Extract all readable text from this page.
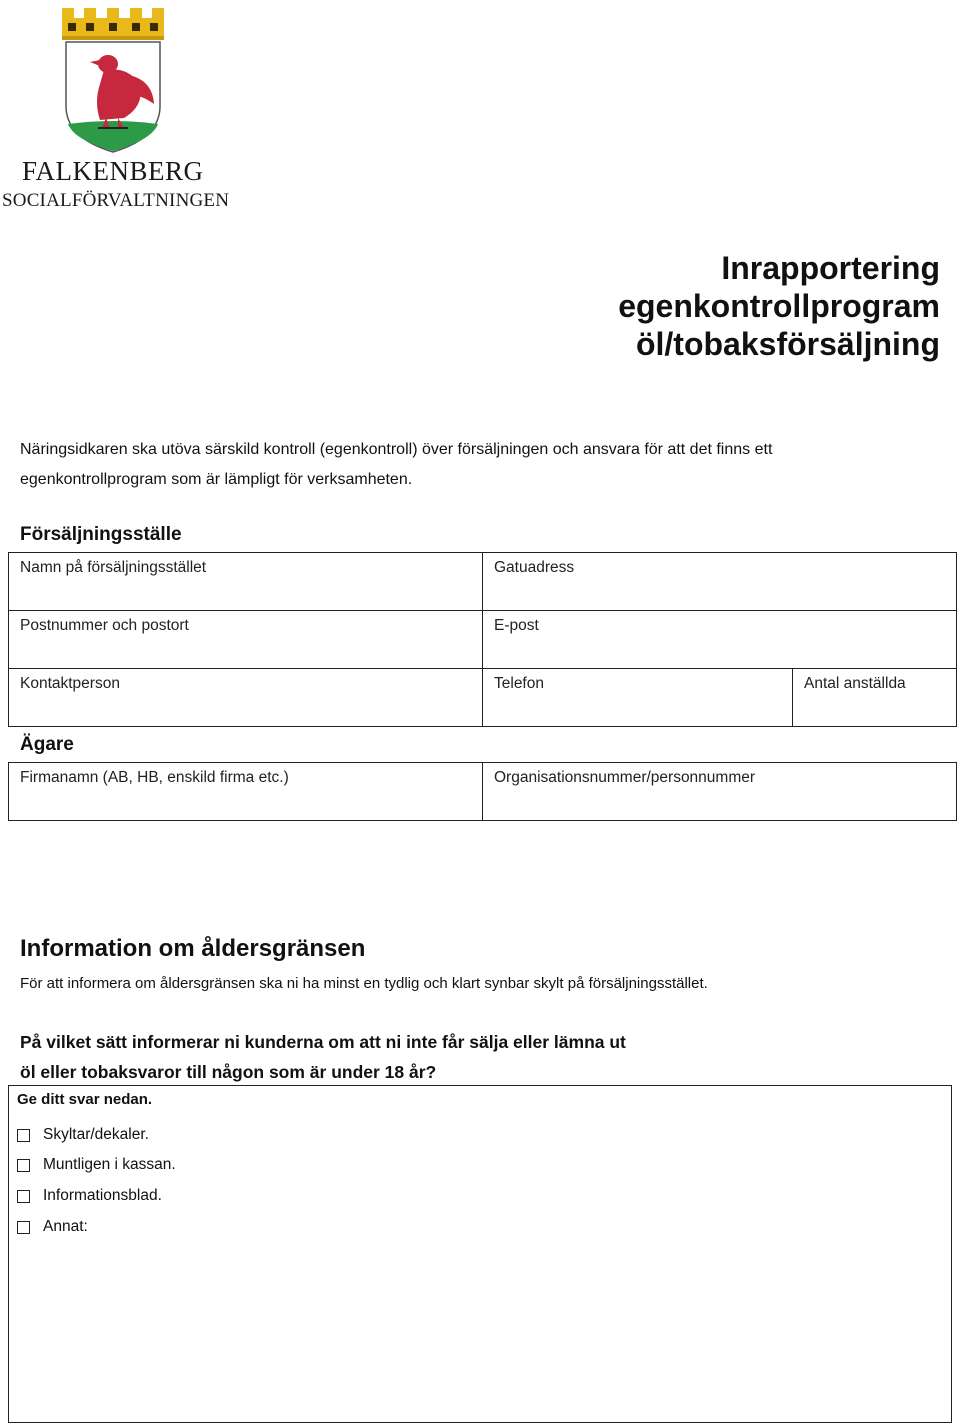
FALKENBERG
SOCIALFÖRVALTNINGEN
Inrapportering
egenkontrollprogram
öl/tobaksförsäljning
Näringsidkaren ska utöva särskild kontroll (egenkontroll) över försäljningen och ansvara för att det finns ett
egenkontrollprogram som är lämpligt för verksamheten.
Försäljningsställe
Namn på försäljningsstället	Gatuadress	

Postnummer och postort	E-post	

Kontaktperson	Telefon	Antal anställda
Ägare
Firmanamn (AB, HB, enskild firma etc.)	Organisationsnummer/personnummer
Information om åldersgränsen
För att informera om åldersgränsen ska ni ha minst en tydlig och klart synbar skylt på försäljningsstället.
På vilket sätt informerar ni kunderna om att ni inte får sälja eller lämna ut
öl eller tobaksvaror till någon som är under 18 år?
Ge ditt svar nedan.
Skyltar/dekaler.
Muntligen i kassan.
Informationsblad.
Annat:
